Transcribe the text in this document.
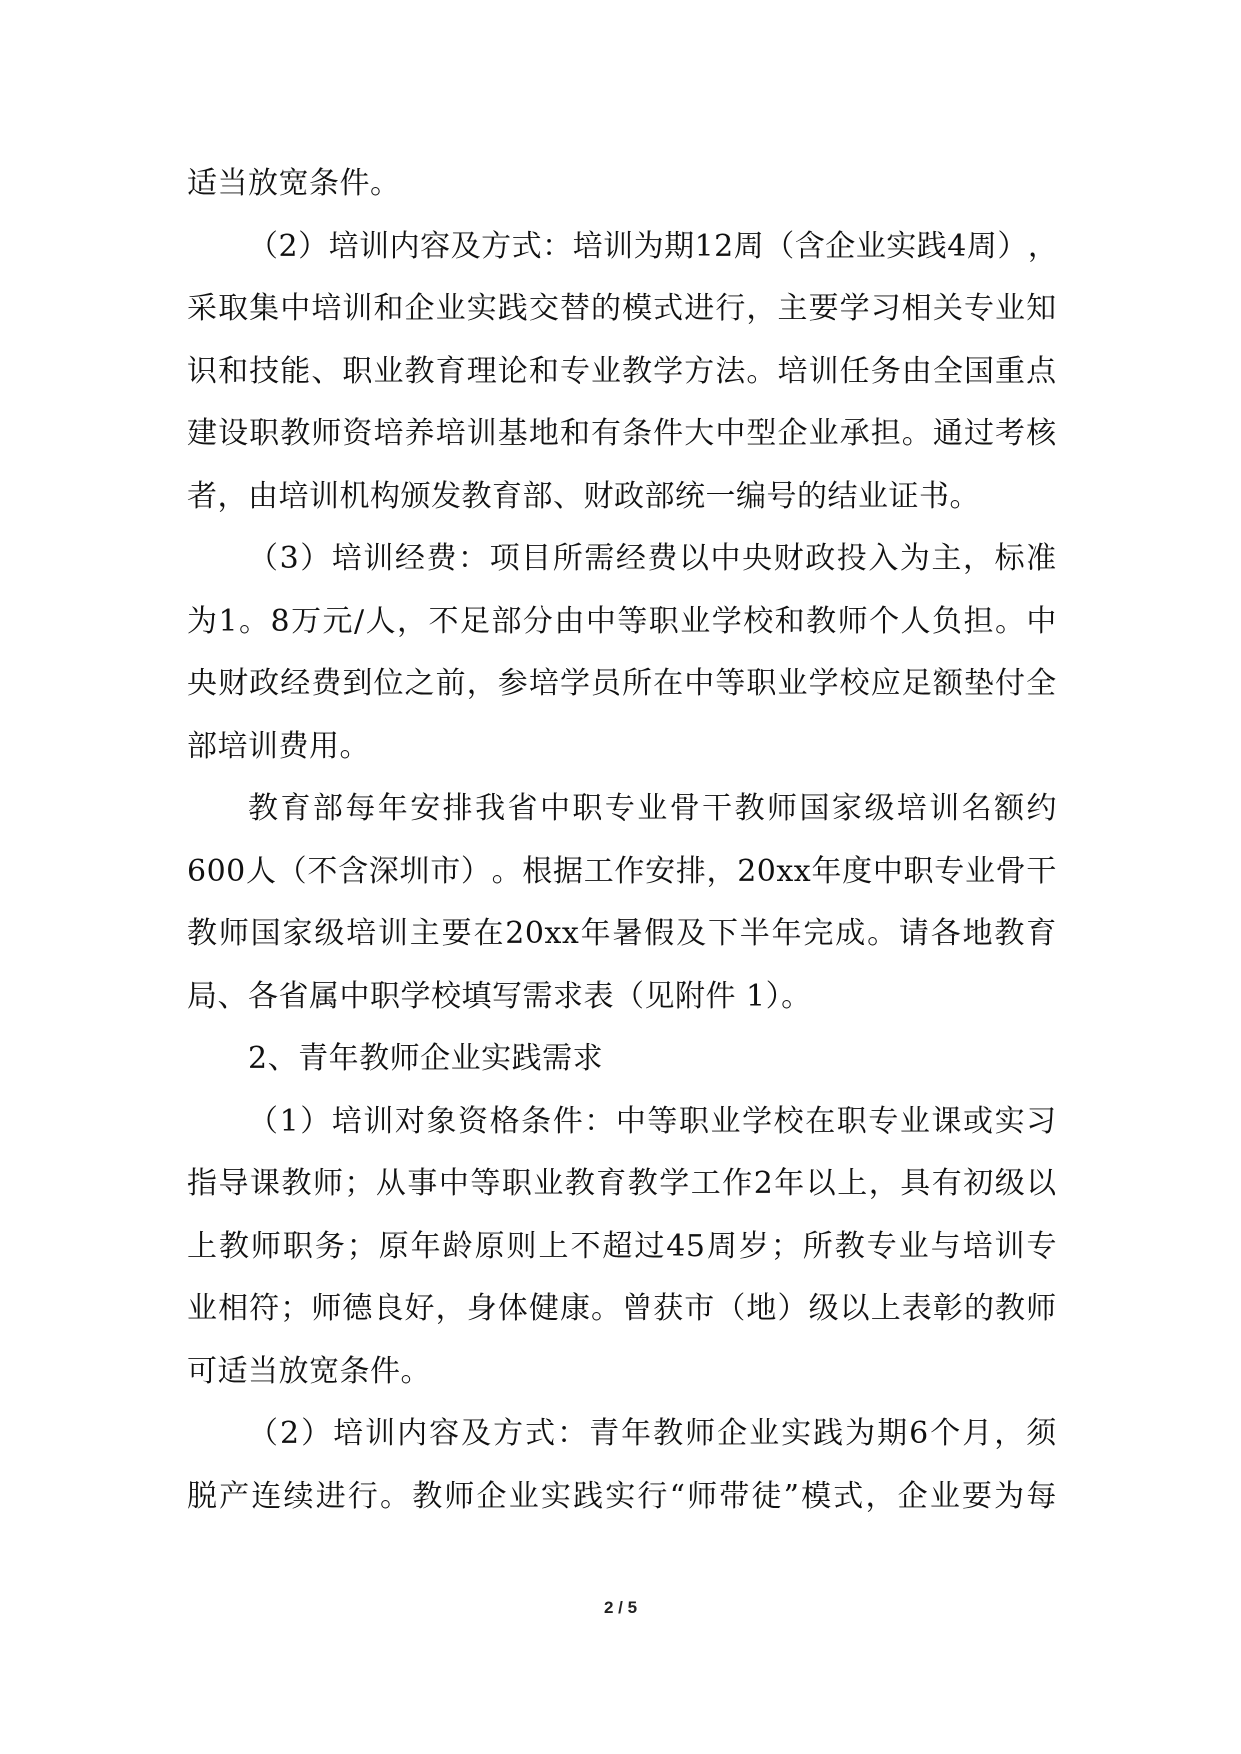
适当放宽条件。
（ 2 ） 培 训 内 容 及 方 式 ： 培 训 为 期 12 周 （ 含 企 业 实 践 4 周 ） ，
采 取 集 中 培 训 和 企 业 实 践 交 替 的 模 式 进 行 ， 主 要 学 习 相 关 专 业 知
识 和 技 能 、 职 业 教 育 理 论 和 专 业 教 学 方 法 。 培 训 任 务 由 全 国 重 点
建 设 职 教 师 资 培 养 培 训 基 地 和 有 条 件 大 中 型 企 业 承 担 。 通 过 考 核
者，由培训机构颁发教育部、财政部统一编号的结业证书。
（ 3 ） 培 训 经 费 ： 项 目 所 需 经 费 以 中 央 财 政 投 入 为 主 ， 标 准
为 1 。 8 万 元 / 人 ， 不 足 部 分 由 中 等 职 业 学 校 和 教 师 个 人 负 担 。 中
央 财 政 经 费 到 位 之 前 ， 参 培 学 员 所 在 中 等 职 业 学 校 应 足 额 垫 付 全
部培训费用。
教 育 部 每 年 安 排 我 省 中 职 专 业 骨 干 教 师 国 家 级 培 训 名 额 约
600 人 （ 不 含 深 圳 市 ） 。 根 据 工 作 安 排 ， 20xx 年 度 中 职 专 业 骨 干
教 师 国 家 级 培 训 主 要 在 20xx 年 暑 假 及 下 半 年 完 成 。 请 各 地 教 育
局、各省属中职学校填写需求表（见附件 1）。
2、青年教师企业实践需求
（ 1 ） 培 训 对 象 资 格 条 件 ： 中 等 职 业 学 校 在 职 专 业 课 或 实 习
指 导 课 教 师 ； 从 事 中 等 职 业 教 育 教 学 工 作 2 年 以 上 ， 具 有 初 级 以
上 教 师 职 务 ； 原 年 龄 原 则 上 不 超 过 45 周 岁 ； 所 教 专 业 与 培 训 专
业 相 符 ； 师 德 良 好 ， 身 体 健 康 。 曾 获 市 （ 地 ） 级 以 上 表 彰 的 教 师
可适当放宽条件。
（ 2 ） 培 训 内 容 及 方 式 ： 青 年 教 师 企 业 实 践 为 期 6 个 月 ， 须
脱 产 连 续 进 行 。 教 师 企 业 实 践 实 行 “ 师 带 徒 ” 模 式 ， 企 业 要 为 每
2 / 5
